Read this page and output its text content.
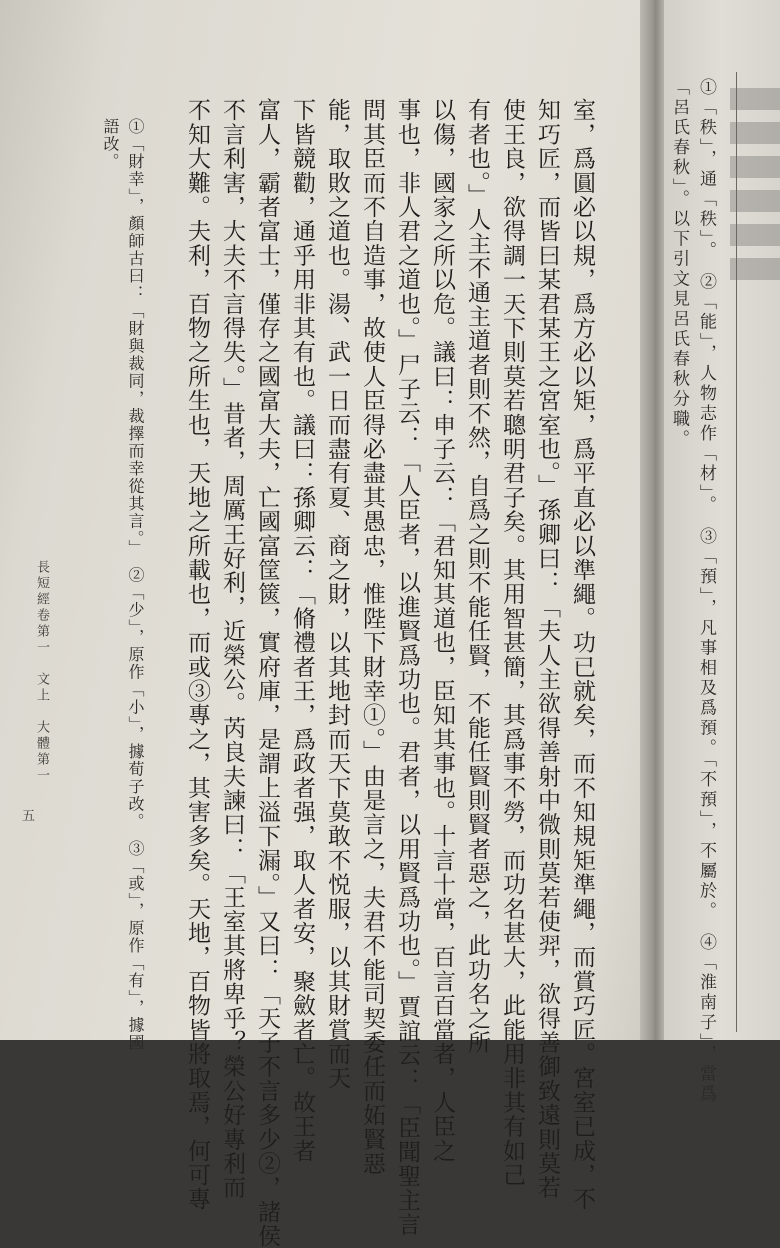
①「秩」，通「秩」。　②「能」，人物志作「材」。　③「預」，凡事相及爲預。「不預」，不屬於。　④「淮南子」，當爲
「呂氏春秋」。以下引文見呂氏春秋分職。
室，爲圓必以規，爲方必以矩，爲平直必以準繩。功已就矣，而不知規矩準繩，而賞巧匠。宮室已成，不
知巧匠，而皆曰某君某王之宮室也。」孫卿曰：「夫人主欲得善射中微則莫若使羿，欲得善御致遠則莫若
使王良，欲得調一天下則莫若聰明君子矣。其用智甚簡，其爲事不勞，而功名甚大，此能用非其有如己
有者也。」人主不通主道者則不然，自爲之則不能任賢，不能任賢則賢者惡之，此功名之所
以傷，國家之所以危。議曰：申子云：「君知其道也，臣知其事也。十言十當，百言百當者，人臣之
事也，非人君之道也。」尸子云：「人臣者，以進賢爲功也。君者，以用賢爲功也。」賈誼云：「臣聞聖主言
問其臣而不自造事，故使人臣得必盡其愚忠，惟陛下財幸①。」由是言之，夫君不能司契委任而妬賢惡
能，取敗之道也。湯、武一日而盡有夏、商之財，以其地封而天下莫敢不悦服，以其財賞而天
下皆競勸，通乎用非其有也。議曰：孫卿云：「脩禮者王，爲政者强，取人者安，聚斂者亡。故王者
富人，霸者富士，僅存之國富大夫，亡國富筐篋，實府庫，是謂上溢下漏。」又曰：「天子不言多少②，諸侯
不言利害，大夫不言得失。」昔者，周厲王好利，近榮公。芮良夫諫曰：「王室其將卑乎？榮公好專利而
不知大難。夫利，百物之所生也，天地之所載也，而或③專之，其害多矣。天地，百物皆將取焉，何可專
①「財幸」，顏師古曰：「財與裁同，裁擇而幸從其言。」　②「少」，原作「小」，據荀子改。　③「或」，原作「有」，據國
語改。
長短經卷第一　文上　大體第一
五
